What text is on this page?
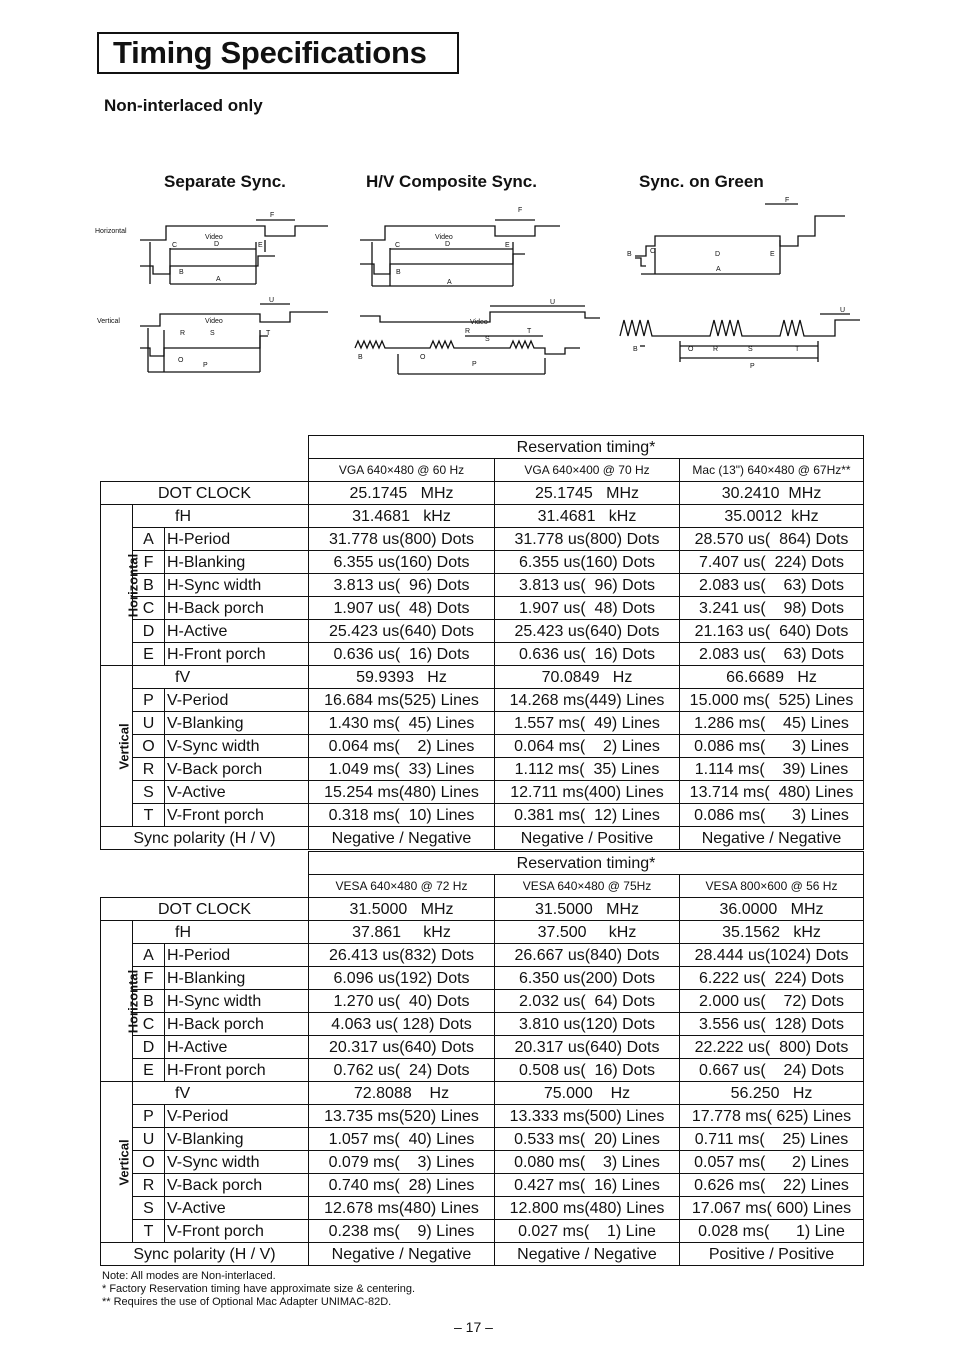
Timing Specifications
Non-interlaced only
Separate Sync.	H/V Composite Sync.	Sync. on Green
Horizontal
Vertical
Video
D
C	E
B
A
F
Video
S
R	T
O
P
U
Video
D
C	E
B
A
F
Video
R
S
T
B	O
P
U
B	C	D	E
A
F
B	O	R	S	T
P
U
			Reservation timing*		
			VGA 640×480 @ 60 Hz	VGA 640×400 @ 70 Hz	Mac (13") 640×480 @ 67Hz**
DOT CLOCK			25.1745   MHz	25.1745   MHz	30.2410  MHz
Horizontal	fH		31.4681   kHz	31.4681   kHz	35.0012  kHz
	A	H-Period	31.778 us(800) Dots	31.778 us(800) Dots	28.570 us(  864) Dots
	F	H-Blanking	6.355 us(160) Dots	6.355 us(160) Dots	7.407 us(  224) Dots
	B	H-Sync width	3.813 us(  96) Dots	3.813 us(  96) Dots	2.083 us(    63) Dots
	C	H-Back porch	1.907 us(  48) Dots	1.907 us(  48) Dots	3.241 us(    98) Dots
	D	H-Active	25.423 us(640) Dots	25.423 us(640) Dots	21.163 us(  640) Dots
	E	H-Front porch	0.636 us(  16) Dots	0.636 us(  16) Dots	2.083 us(    63) Dots
Vertical	fV		59.9393   Hz	70.0849   Hz	66.6689   Hz
	P	V-Period	16.684 ms(525) Lines	14.268 ms(449) Lines	15.000 ms(  525) Lines
	U	V-Blanking	1.430 ms(  45) Lines	1.557 ms(  49) Lines	1.286 ms(    45) Lines
	O	V-Sync width	0.064 ms(    2) Lines	0.064 ms(    2) Lines	0.086 ms(      3) Lines
	R	V-Back porch	1.049 ms(  33) Lines	1.112 ms(  35) Lines	1.114 ms(    39) Lines
	S	V-Active	15.254 ms(480) Lines	12.711 ms(400) Lines	13.714 ms(  480) Lines
	T	V-Front porch	0.318 ms(  10) Lines	0.381 ms(  12) Lines	0.086 ms(      3) Lines
Sync polarity (H / V)			Negative / Negative	Negative / Positive	Negative / Negative
			Reservation timing*		
			VESA 640×480 @ 72 Hz	VESA 640×480 @ 75Hz	VESA 800×600 @ 56 Hz
DOT CLOCK			31.5000   MHz	31.5000   MHz	36.0000   MHz
Horizontal	fH		37.861     kHz	37.500     kHz	35.1562   kHz
	A	H-Period	26.413 us(832) Dots	26.667 us(840) Dots	28.444 us(1024) Dots
	F	H-Blanking	6.096 us(192) Dots	6.350 us(200) Dots	6.222 us(  224) Dots
	B	H-Sync width	1.270 us(  40) Dots	2.032 us(  64) Dots	2.000 us(    72) Dots
	C	H-Back porch	4.063 us( 128) Dots	3.810 us(120) Dots	3.556 us(  128) Dots
	D	H-Active	20.317 us(640) Dots	20.317 us(640) Dots	22.222 us(  800) Dots
	E	H-Front porch	0.762 us(  24) Dots	0.508 us(  16) Dots	0.667 us(    24) Dots
Vertical	fV		72.8088    Hz	75.000    Hz	56.250   Hz
	P	V-Period	13.735 ms(520) Lines	13.333 ms(500) Lines	17.778 ms( 625) Lines
	U	V-Blanking	1.057 ms(  40) Lines	0.533 ms(  20) Lines	0.711 ms(    25) Lines
	O	V-Sync width	0.079 ms(    3) Lines	0.080 ms(    3) Lines	0.057 ms(      2) Lines
	R	V-Back porch	0.740 ms(  28) Lines	0.427 ms(  16) Lines	0.626 ms(    22) Lines
	S	V-Active	12.678 ms(480) Lines	12.800 ms(480) Lines	17.067 ms( 600) Lines
	T	V-Front porch	0.238 ms(    9) Lines	0.027 ms(    1) Line	0.028 ms(      1) Line
Sync polarity (H / V)			Negative / Negative	Negative / Negative	Positive / Positive
Note: All modes are Non-interlaced.
* Factory Reservation timing have approximate size & centering.
** Requires the use of Optional Mac Adapter UNIMAC-82D.
– 17 –
